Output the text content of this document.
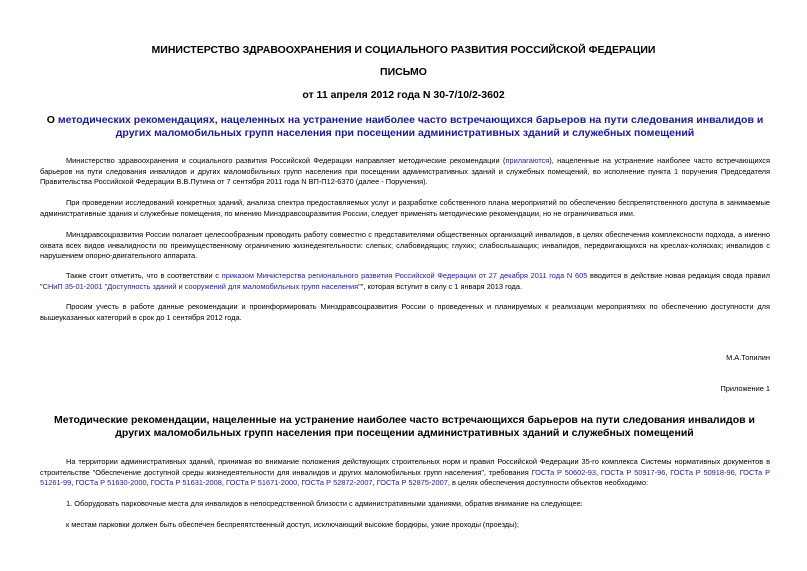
МИНИСТЕРСТВО ЗДРАВООХРАНЕНИЯ И СОЦИАЛЬНОГО РАЗВИТИЯ РОССИЙСКОЙ ФЕДЕРАЦИИ
ПИСЬМО
от 11 апреля 2012 года N 30-7/10/2-3602
О методических рекомендациях, нацеленных на устранение наиболее часто встречающихся барьеров на пути следования инвалидов и других маломобильных групп населения при посещении административных зданий и служебных помещений

Министерство здравоохранения и социального развития Российской Федерации направляет методические рекомендации (прилагаются), нацеленные на устранение наиболее часто встречающихся барьеров на пути следования инвалидов и других маломобильных групп населения при посещении административных зданий и служебных помещений, во исполнение пункта 1 поручения Председателя Правительства Российской Федерации В.В.Путина от 7 сентября 2011 года N ВП-П12-6370 (далее - Поручения).

При проведении исследований конкретных зданий, анализа спектра предоставляемых услуг и разработке собственного плана мероприятий по обеспечению беспрепятственного доступа в занимаемые административные здания и служебные помещения, по мнению Минздравсоцразвития России, следует применять методические рекомендации, но не ограничиваться ими.

Минздравсоцразвития России полагает целесообразным проводить работу совместно с представителями общественных организаций инвалидов, в целях обеспечения комплексности подхода, а именно охвата всех видов инвалидности по преимущественному ограничению жизнедеятельности: слепых; слабовидящих; глухих; слабослышащих; инвалидов, передвигающихся на креслах-колясках; инвалидов с нарушением опорно-двигательного аппарата.

Также стоит отметить, что в соответствии с приказом Министерства регионального развития Российской Федерации от 27 декабря 2011 года N 605 вводится в действие новая редакция свода правил "СНиП 35-01-2001 "Доступность зданий и сооружений для маломобильных групп населения"", которая вступит в силу с 1 января 2013 года.

Просим учесть в работе данные рекомендации и проинформировать Минздравсоцразвития России о проведенных и планируемых к реализации мероприятиях по обеспечению доступности для вышеуказанных категорий в срок до 1 сентября 2012 года.

М.А.Топилин
Приложение 1
Методические рекомендации, нацеленные на устранение наиболее часто встречающихся барьеров на пути следования инвалидов и других маломобильных групп населения при посещении административных зданий и служебных помещений

На территории административных зданий, принимая во внимание положения действующих строительных норм и правил Российской Федерации 35-го комплекса Системы нормативных документов в строительстве "Обеспечение доступной среды жизнедеятельности для инвалидов и других маломобильных групп населения", требования ГОСТа Р 50602-93, ГОСТа Р 50917-96, ГОСТа Р 50918-96, ГОСТа Р 51261-99, ГОСТа Р 51630-2000, ГОСТа Р 51631-2008, ГОСТа Р 51671-2000, ГОСТа Р 52872-2007, ГОСТа Р 52875-2007, в целях обеспечения доступности объектов необходимо:

1. Оборудовать парковочные места для инвалидов в непосредственной близости с административными зданиями, обратив внимание на следующее:

к местам парковки должен быть обеспечен беспрепятственный доступ, исключающий высокие бордюры, узкие проходы (проезды);
